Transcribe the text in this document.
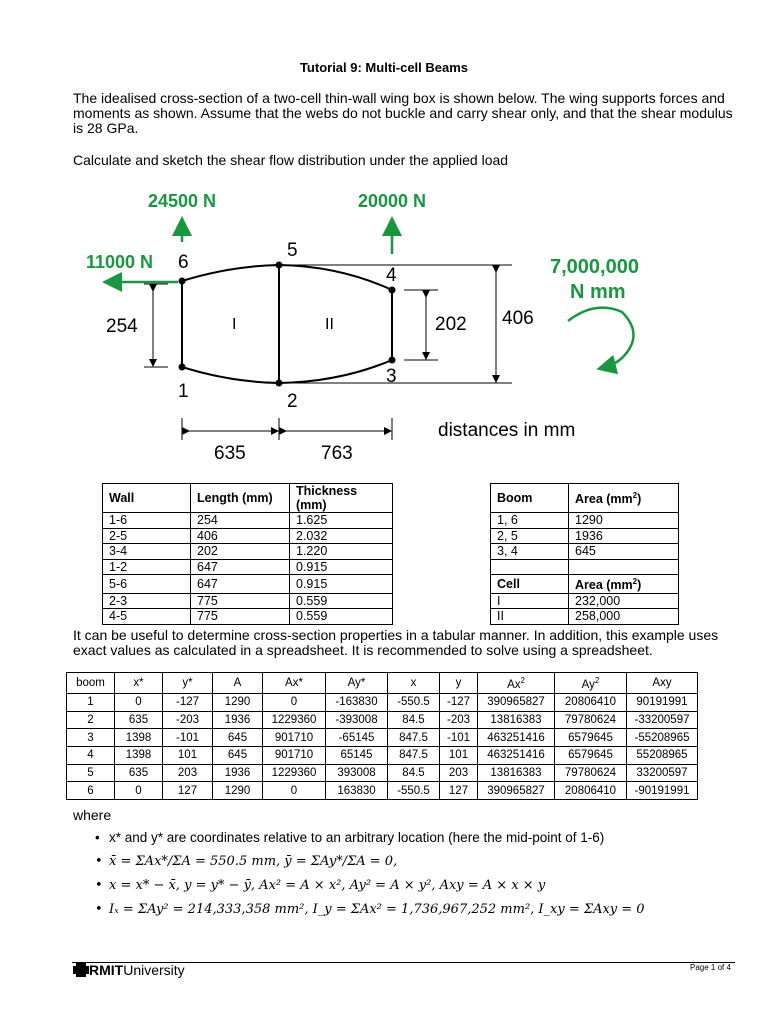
Tutorial 9: Multi-cell Beams
The idealised cross-section of a two-cell thin-wall wing box is shown below. The wing supports forces and moments as shown. Assume that the webs do not buckle and carry shear only, and that the shear modulus is 28 GPa.
Calculate and sketch the shear flow distribution under the applied load
1	2
3
4
5
6
I	II
24500 N	20000 N
11000 N	7,000,000
N mm
254	202 406
635	763
distances in mm
Wall	Length (mm)	Thickness (mm)		Boom	Area $(mm^2)$
1-6	254	1.625		1, 6	1290
2-5	406	2.032		2, 5	1936
3-4	202	1.220		3, 4	645
1-2	647	0.915			
5-6	647	0.915		Cell	Area $(mm^2)$
2-3	775	0.559		I	232,000
4-5	775	0.559		II	258,000
It can be useful to determine cross-section properties in a tabular manner. In addition, this example uses exact values as calculated in a spreadsheet. It is recommended to solve using a spreadsheet.
boom	x*	y*	A	Ax*	Ay*	x	y	Ax$^2$	Ay$^2$	Axy
1	0	-127	1290	0	-163830	-550.5	-127	390965827	20806410	90191991
2	635	-203	1936	1229360	-393008	84.5	-203	13816383	79780624	-33200597
3	1398	-101	645	901710	-65145	847.5	-101	463251416	6579645	-55208965
4	1398	101	645	901710	65145	847.5	101	463251416	6579645	55208965
5	635	203	1936	1229360	393008	84.5	203	13816383	79780624	33200597
6	0	127	1290	0	163830	-550.5	127	390965827	20806410	-90191991
where
• x* and y* are coordinates relative to an arbitrary location (here the mid-point of 1-6)
• x̄ = ΣAx*/ΣA = 550.5 mm, ȳ = ΣAy*/ΣA = 0,
• x = x* − x̄, y = y* − ȳ, Ax² = A × x², Ay² = A × y², Axy = A × x × y
• Iₓ = ΣAy² = 214,333,358 mm², I_y = ΣAx² = 1,736,967,252 mm², I_xy = ΣAxy = 0
RMITUniversity	Page 1 of 4
